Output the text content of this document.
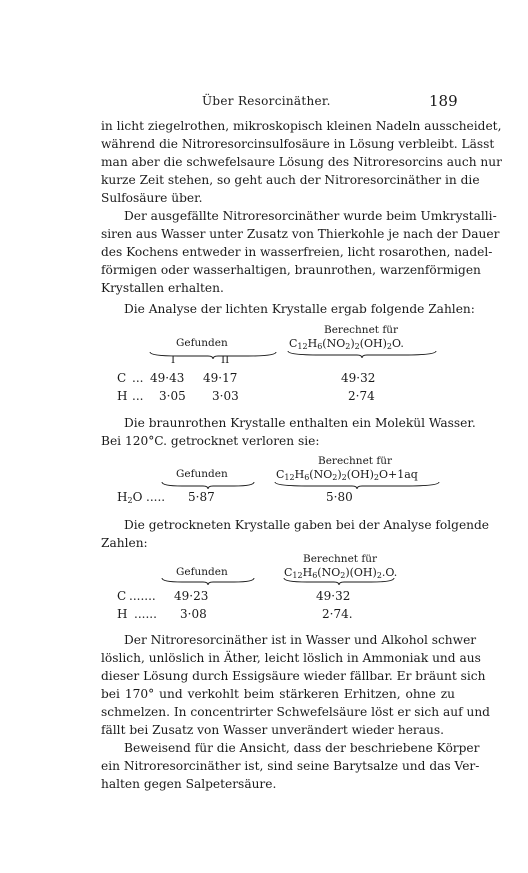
Über Resorcinäther.	189
in licht ziegelrothen, mikroskopisch kleinen Nadeln ausscheidet,
während die Nitroresorcinsulfosäure in Lösung verbleibt. Lässt
man aber die schwefelsaure Lösung des Nitroresorcins auch nur
kurze Zeit stehen, so geht auch der Nitroresorcinäther in die
Sulfosäure über.
Der ausgefällte Nitroresorcinäther wurde beim Umkrystalli-
siren aus Wasser unter Zusatz von Thierkohle je nach der Dauer
des Kochens entweder in wasserfreien, licht rosarothen, nadel-
förmigen oder wasserhaltigen, braunrothen, warzenförmigen
Krystallen erhalten.
Die Analyse der lichten Krystalle ergab folgende Zahlen:
Berechnet für
$C_{12}H_6(NO_2)_2(OH)_2O$.
Gefunden
I	II
C ... 49·43 49·17	49·32
H ... 3·05 3·03	2·74
Die braunrothen Krystalle enthalten ein Molekül Wasser.
Bei 120°C. getrocknet verloren sie:
Berechnet für
$C_{12}H_6(NO_2)_2(OH)_2O+1aq$
Gefunden
$H_2O$ ..... 5·87	5·80
Die getrockneten Krystalle gaben bei der Analyse folgende
Zahlen:
Berechnet für
$C_{12}H_6(NO_2)(OH)_2.O$.
Gefunden
C ....... 49·23	49·32
H ...... 3·08	2·74.
Der Nitroresorcinäther ist in Wasser und Alkohol schwer
löslich, unlöslich in Äther, leicht löslich in Ammoniak und aus
dieser Lösung durch Essigsäure wieder fällbar. Er bräunt sich
bei 170° und verkohlt beim stärkeren Erhitzen, ohne zu
schmelzen. In concentrirter Schwefelsäure löst er sich auf und
fällt bei Zusatz von Wasser unverändert wieder heraus.
Beweisend für die Ansicht, dass der beschriebene Körper
ein Nitroresorcinäther ist, sind seine Barytsalze und das Ver-
halten gegen Salpetersäure.
